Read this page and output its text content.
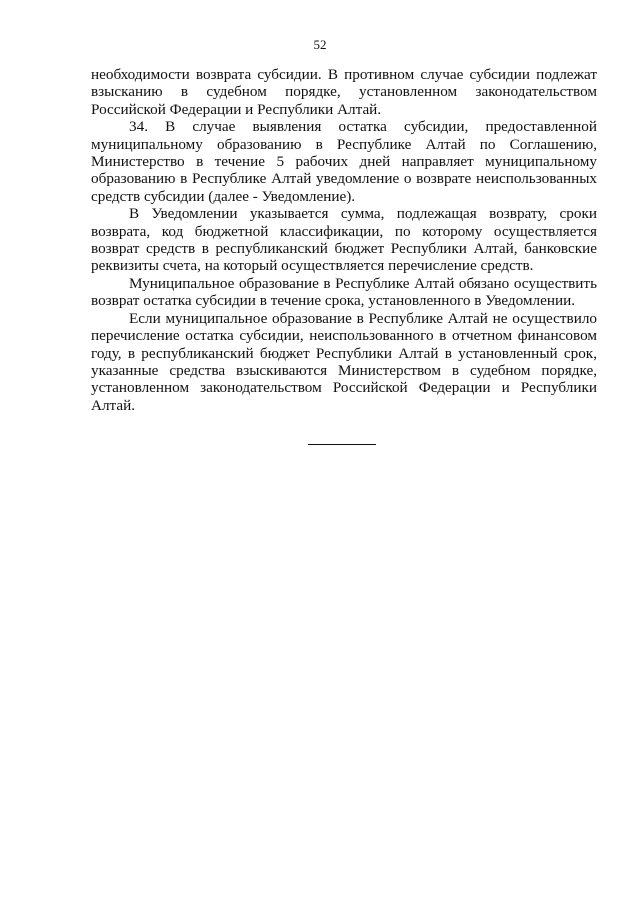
52

необходимости возврата субсидии. В противном случае субсидии подлежат взысканию в судебном порядке, установленном законодательством Российской Федерации и Республики Алтай.

34. В случае выявления остатка субсидии, предоставленной муниципальному образованию в Республике Алтай по Соглашению, Министерство в течение 5 рабочих дней направляет муниципальному образованию в Республике Алтай уведомление о возврате неиспользованных средств субсидии (далее - Уведомление).

В Уведомлении указывается сумма, подлежащая возврату, сроки возврата, код бюджетной классификации, по которому осуществляется возврат средств в республиканский бюджет Республики Алтай, банковские реквизиты счета, на который осуществляется перечисление средств.

Муниципальное образование в Республике Алтай обязано осуществить возврат остатка субсидии в течение срока, установленного в Уведомлении.

Если муниципальное образование в Республике Алтай не осуществило перечисление остатка субсидии, неиспользованного в отчетном финансовом году, в республиканский бюджет Республики Алтай в установленный срок, указанные средства взыскиваются Министерством в судебном порядке, установленном законодательством Российской Федерации и Республики Алтай.
